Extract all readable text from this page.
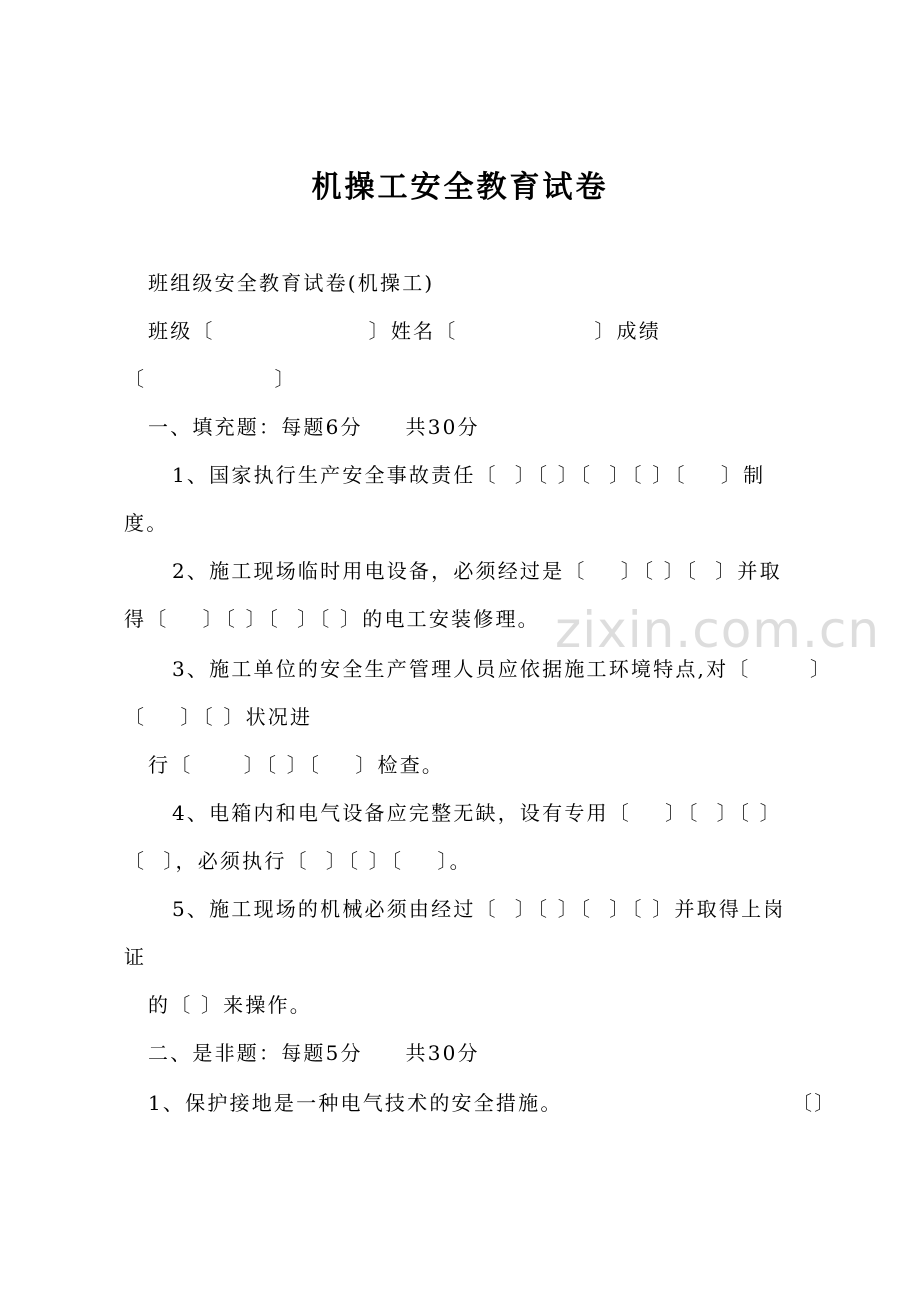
机操工安全教育试卷
班组级安全教育试卷(机操工)
班级〔                  〕姓名〔                〕成绩
〔               〕
一、填充题：每题6分     共30分
1、国家执行生产安全事故责任〔  〕〔 〕〔  〕〔 〕〔    〕制
度。
2、施工现场临时用电设备，必须经过是〔    〕〔 〕〔  〕并取
得〔    〕〔 〕〔  〕〔 〕的电工安装修理。
3、施工单位的安全生产管理人员应依据施工环境特点,对〔	〕
〔    〕〔 〕状况进
行〔      〕〔 〕〔    〕检查。
4、电箱内和电气设备应完整无缺，设有专用〔    〕〔  〕〔 〕
〔  〕，必须执行〔  〕〔 〕〔    〕。
5、施工现场的机械必须由经过〔  〕〔 〕〔  〕〔 〕并取得上岗
证
的〔 〕来操作。
二、是非题：每题5分     共30分
1、保护接地是一种电气技术的安全措施。	〔〕
zixin.com.cn
